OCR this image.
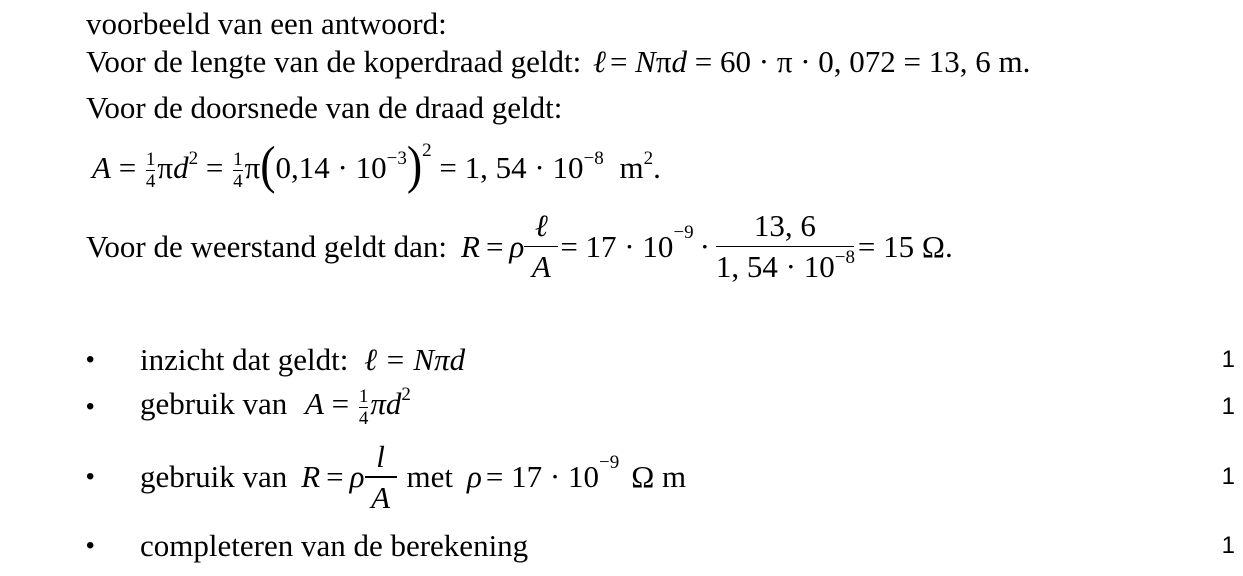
voorbeeld van een antwoord:
Voor de lengte van de koperdraad geldt: ℓ = Nπd = 60 · π · 0, 072 = 13, 6 m.
Voor de doorsnede van de draad geldt:
$A = \frac{1}{4}\pi d^2 = \frac{1}{4}\pi(0,14 \cdot 10^{-3})^2 = 1$, $54 \cdot 10^{-8}$ $m^2$.
Voor de weerstand geldt dan: R = ρ $\frac{\text{ℓ}}{A} = 17 \cdot 10^{-9} \cdot \frac{13, 6}{1, 54 \cdot 10^{-8}} = 15$ Ω.
•	inzicht dat geldt: ℓ = Nπd	1
•	gebruik van $A = \frac{1}{4}\pi d^2$	1
•	gebruik van R = ρ $\frac{l}{A}$ met $\rho = 17 \cdot 10^{-9}$ Ω m	1
•	completeren van de berekening	1
